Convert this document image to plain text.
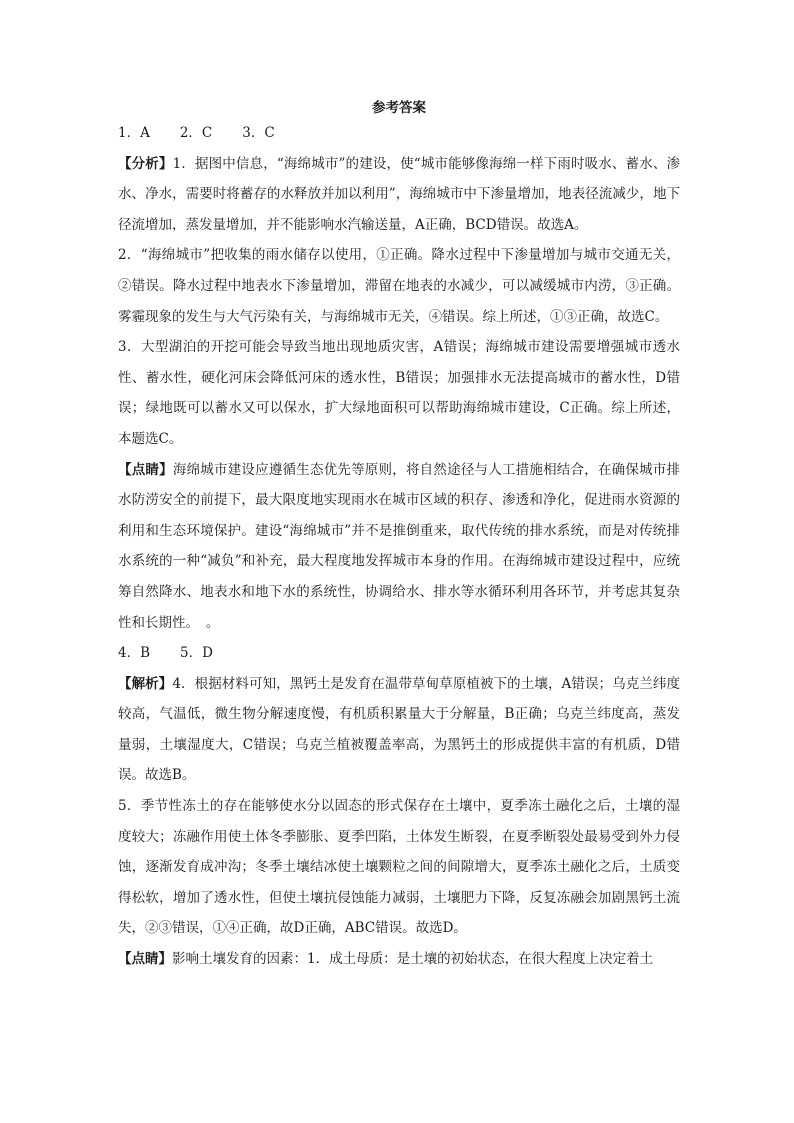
参考答案

1．A 2．C 3．C

【分析】1．据图中信息，“海绵城市”的建设，使“城市能够像海绵一样下雨时吸水、蓄水、渗水、净水，需要时将蓄存的水释放并加以利用”，海绵城市中下渗量增加，地表径流减少，地下径流增加，蒸发量增加，并不能影响水汽输送量，A正确，BCD错误。故选A。

2．“海绵城市”把收集的雨水储存以使用，①正确。降水过程中下渗量增加与城市交通无关，②错误。降水过程中地表水下渗量增加，滞留在地表的水减少，可以减缓城市内涝，③正确。雾霾现象的发生与大气污染有关，与海绵城市无关，④错误。综上所述，①③正确，故选C。

3．大型湖泊的开挖可能会导致当地出现地质灾害，A错误；海绵城市建设需要增强城市透水性、蓄水性，硬化河床会降低河床的透水性，B错误；加强排水无法提高城市的蓄水性，D错误；绿地既可以蓄水又可以保水，扩大绿地面积可以帮助海绵城市建设，C正确。综上所述，本题选C。

【点睛】海绵城市建设应遵循生态优先等原则，将自然途径与人工措施相结合，在确保城市排水防涝安全的前提下，最大限度地实现雨水在城市区域的积存、渗透和净化，促进雨水资源的利用和生态环境保护。建设“海绵城市”并不是推倒重来，取代传统的排水系统，而是对传统排水系统的一种“减负”和补充，最大程度地发挥城市本身的作用。在海绵城市建设过程中，应统筹自然降水、地表水和地下水的系统性，协调给水、排水等水循环利用各环节，并考虑其复杂性和长期性。　。

4．B 5．D

【解析】4．根据材料可知，黑钙土是发育在温带草甸草原植被下的土壤，A错误；乌克兰纬度较高，气温低，微生物分解速度慢，有机质积累量大于分解量，B正确；乌克兰纬度高，蒸发量弱，土壤湿度大，C错误；乌克兰植被覆盖率高，为黑钙土的形成提供丰富的有机质，D错误。故选B。

5．季节性冻土的存在能够使水分以固态的形式保存在土壤中，夏季冻土融化之后，土壤的湿度较大；冻融作用使土体冬季膨胀、夏季凹陷，土体发生断裂，在夏季断裂处最易受到外力侵蚀，逐渐发育成冲沟；冬季土壤结冰使土壤颗粒之间的间隙增大，夏季冻土融化之后，土质变得松软，增加了透水性，但使土壤抗侵蚀能力减弱，土壤肥力下降，反复冻融会加剧黑钙土流失，②③错误，①④正确，故D正确，ABC错误。故选D。

【点睛】影响土壤发育的因素：1．成土母质：是土壤的初始状态，在很大程度上决定着土
